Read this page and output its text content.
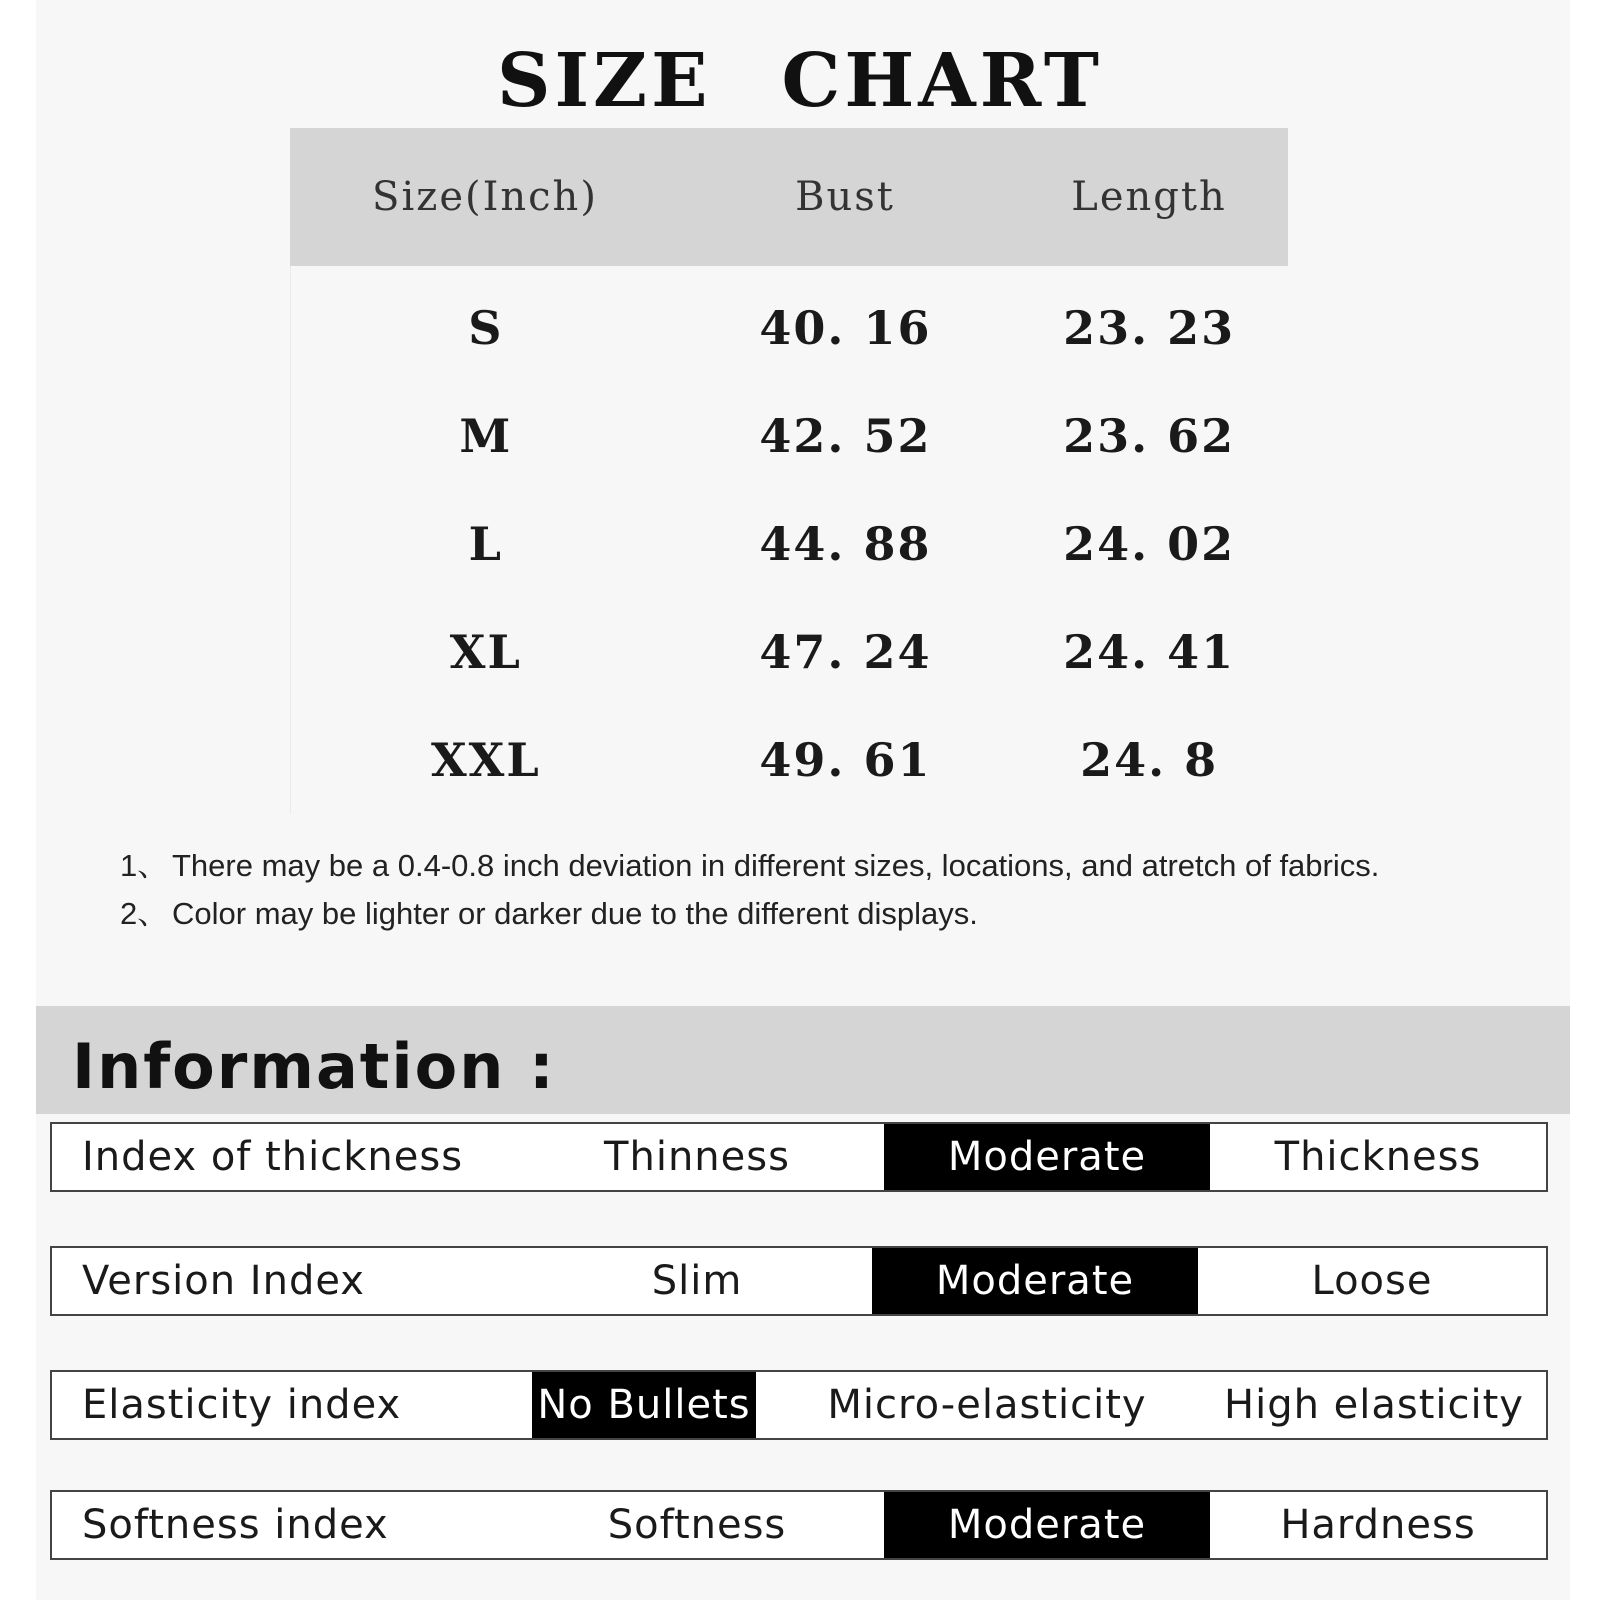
SIZE CHART
Size(Inch)	Bust	Length
S	40. 16	23. 23
M	42. 52	23. 62
L	44. 88	24. 02
XL	47. 24	24. 41
XXL	49. 61	24. 8
1、 There may be a 0.4-0.8 inch deviation in different sizes, locations, and atretch of fabrics.
2、 Color may be lighter or darker due to the different displays.
Information :
Index of thickness	Thinness	Moderate	Thickness
Version Index	Slim	Moderate	Loose
Elasticity index	No Bullets	Micro-elasticity	High elasticity
Softness index	Softness	Moderate	Hardness
